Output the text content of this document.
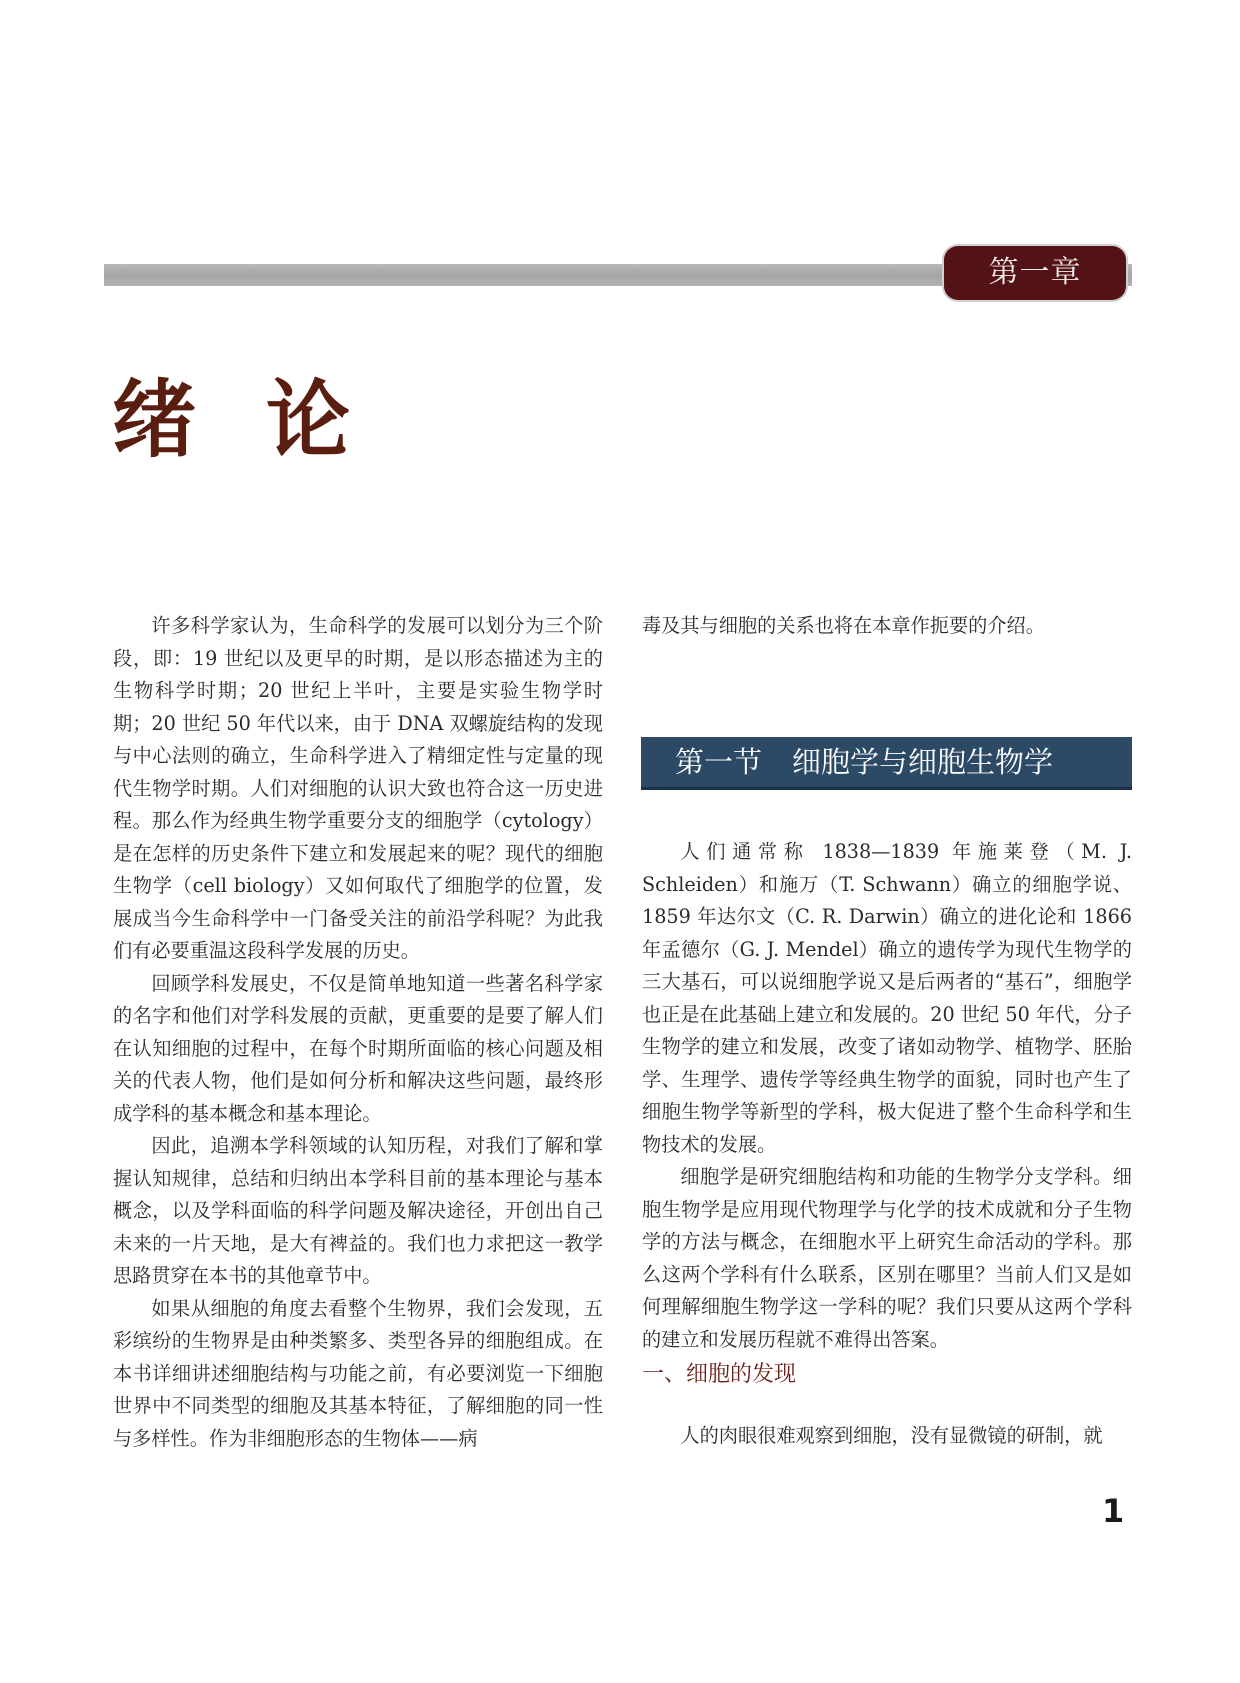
第一章
绪论

许多科学家认为，生命科学的发展可以划分为三个阶段，即：19 世纪以及更早的时期，是以形态描述为主的生物科学时期；20 世纪上半叶，主要是实验生物学时期；20 世纪 50 年代以来，由于 DNA 双螺旋结构的发现与中心法则的确立，生命科学进入了精细定性与定量的现代生物学时期。人们对细胞的认识大致也符合这一历史进程。那么作为经典生物学重要分支的细胞学（cytology）是在怎样的历史条件下建立和发展起来的呢？现代的细胞生物学（cell biology）又如何取代了细胞学的位置，发展成当今生命科学中一门备受关注的前沿学科呢？为此我们有必要重温这段科学发展的历史。

回顾学科发展史，不仅是简单地知道一些著名科学家的名字和他们对学科发展的贡献，更重要的是要了解人们在认知细胞的过程中，在每个时期所面临的核心问题及相关的代表人物，他们是如何分析和解决这些问题，最终形成学科的基本概念和基本理论。

因此，追溯本学科领域的认知历程，对我们了解和掌握认知规律，总结和归纳出本学科目前的基本理论与基本概念，以及学科面临的科学问题及解决途径，开创出自己未来的一片天地，是大有裨益的。我们也力求把这一教学思路贯穿在本书的其他章节中。

如果从细胞的角度去看整个生物界，我们会发现，五彩缤纷的生物界是由种类繁多、类型各异的细胞组成。在本书详细讲述细胞结构与功能之前，有必要浏览一下细胞世界中不同类型的细胞及其基本特征，了解细胞的同一性与多样性。作为非细胞形态的生物体——病

毒及其与细胞的关系也将在本章作扼要的介绍。

第一节 细胞学与细胞生物学

人们通常称 1838—1839 年施莱登（M. J. Schleiden）和施万（T. Schwann）确立的细胞学说、1859 年达尔文（C. R. Darwin）确立的进化论和 1866 年孟德尔（G. J. Mendel）确立的遗传学为现代生物学的三大基石，可以说细胞学说又是后两者的“基石”，细胞学也正是在此基础上建立和发展的。20 世纪 50 年代，分子生物学的建立和发展，改变了诸如动物学、植物学、胚胎学、生理学、遗传学等经典生物学的面貌，同时也产生了细胞生物学等新型的学科，极大促进了整个生命科学和生物技术的发展。

细胞学是研究细胞结构和功能的生物学分支学科。细胞生物学是应用现代物理学与化学的技术成就和分子生物学的方法与概念，在细胞水平上研究生命活动的学科。那么这两个学科有什么联系，区别在哪里？当前人们又是如何理解细胞生物学这一学科的呢？我们只要从这两个学科的建立和发展历程就不难得出答案。

一、细胞的发现

人的肉眼很难观察到细胞，没有显微镜的研制，就

1
